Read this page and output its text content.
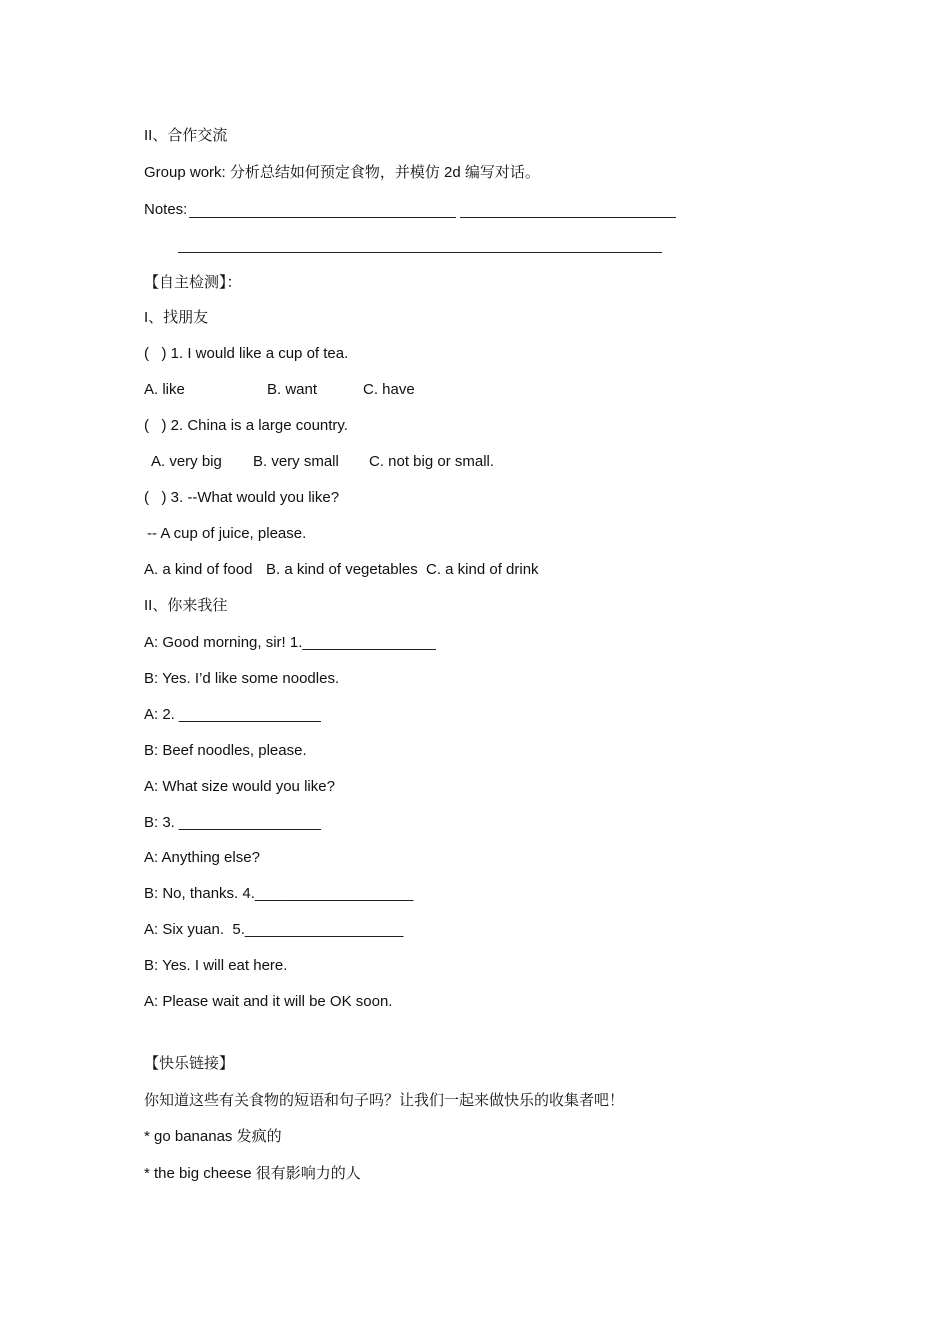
II、合作交流
Group work: 分析总结如何预定食物，并模仿 2d 编写对话。
Notes:
【自主检测】：
I、找朋友
(   ) 1. I would like a cup of tea.
A. like	B. want	C. have
(   ) 2. China is a large country.
A. very big B. very small C. not big or small.
(   ) 3. --What would you like?
-- A cup of juice, please.
A. a kind of food B. a kind of vegetables C. a kind of drink
II、你来我往
A: Good morning, sir! 1.________________
B: Yes. I’d like some noodles.
A: 2. _________________
B: Beef noodles, please.
A: What size would you like?
B: 3. _________________
A: Anything else?
B: No, thanks. 4.___________________
A: Six yuan.  5.___________________
B: Yes. I will eat here.
A: Please wait and it will be OK soon.
【快乐链接】
你知道这些有关食物的短语和句子吗？让我们一起来做快乐的收集者吧！
* go bananas 发疯的
* the big cheese 很有影响力的人
